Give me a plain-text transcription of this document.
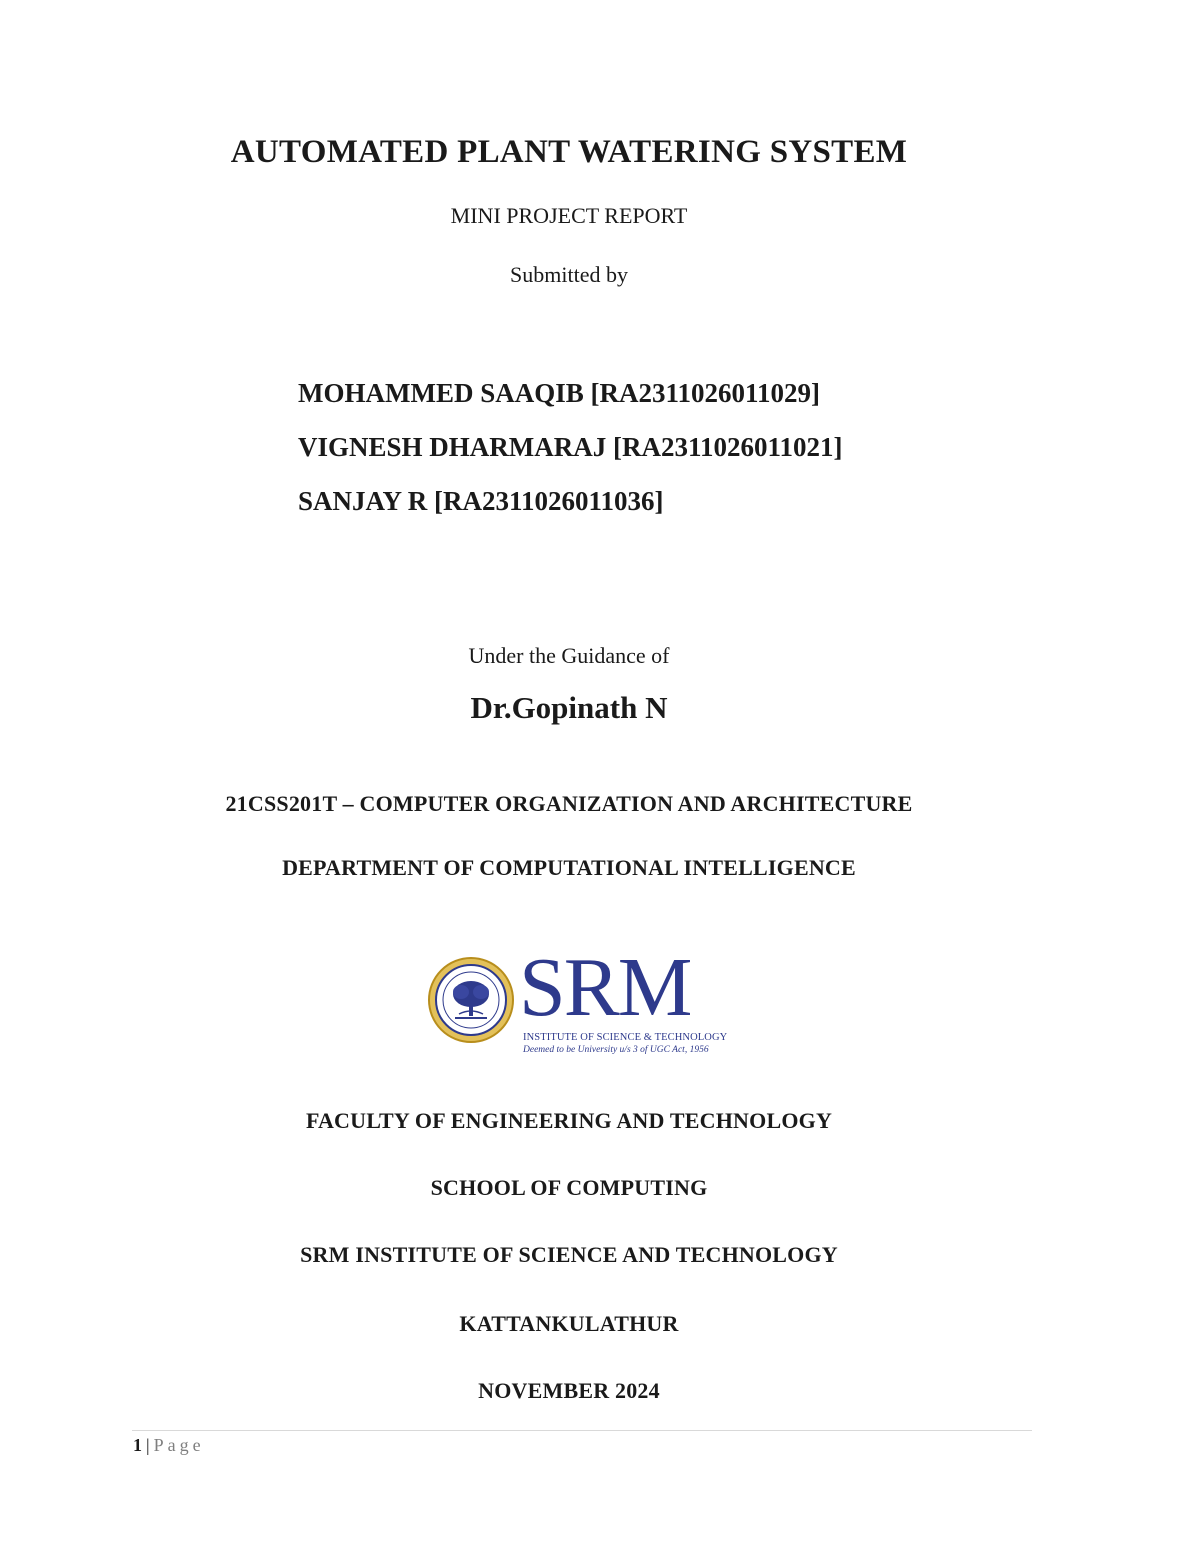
AUTOMATED PLANT WATERING SYSTEM
MINI PROJECT REPORT
Submitted by
MOHAMMED SAAQIB [RA2311026011029]
VIGNESH DHARMARAJ [RA2311026011021]
SANJAY R [RA2311026011036]
Under the Guidance of
Dr.Gopinath N
21CSS201T – COMPUTER ORGANIZATION AND ARCHITECTURE
DEPARTMENT OF COMPUTATIONAL INTELLIGENCE
SRM
INSTITUTE OF SCIENCE & TECHNOLOGY
Deemed to be University u/s 3 of UGC Act, 1956
FACULTY OF ENGINEERING AND TECHNOLOGY
SCHOOL OF COMPUTING
SRM INSTITUTE OF SCIENCE AND TECHNOLOGY
KATTANKULATHUR
NOVEMBER 2024
1 | Page
